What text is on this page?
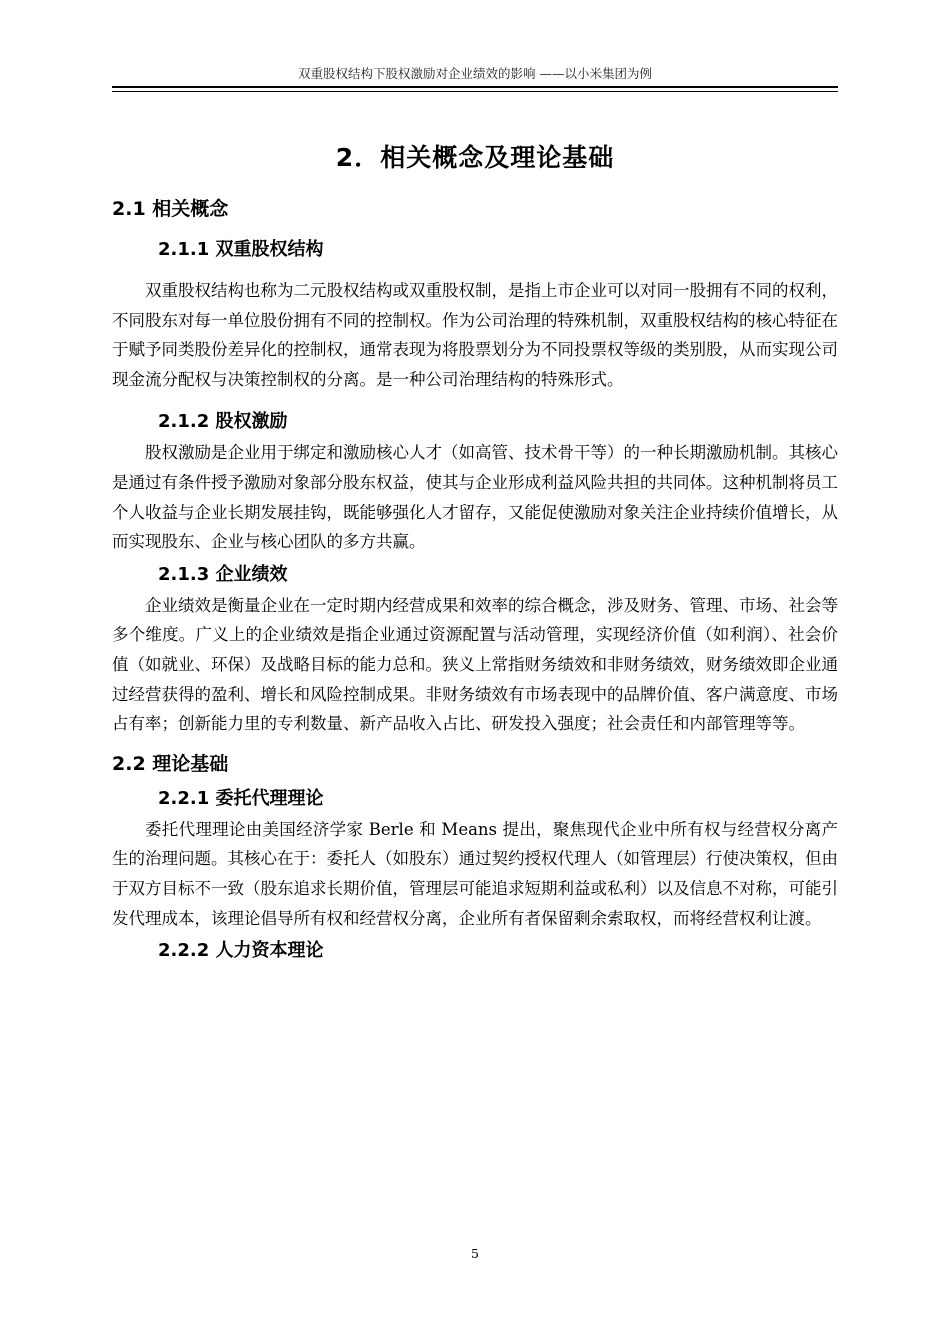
双重股权结构下股权激励对企业绩效的影响 ——以小米集团为例
2．相关概念及理论基础
2.1 相关概念
2.1.1 双重股权结构

双重股权结构也称为二元股权结构或双重股权制，是指上市企业可以对同一股拥有不同的权利，不同股东对每一单位股份拥有不同的控制权。作为公司治理的特殊机制，双重股权结构的核心特征在于赋予同类股份差异化的控制权，通常表现为将股票划分为不同投票权等级的类别股，从而实现公司现金流分配权与决策控制权的分离。是一种公司治理结构的特殊形式。

2.1.2 股权激励

股权激励是企业用于绑定和激励核心人才（如高管、技术骨干等）的一种长期激励机制。其核心是通过有条件授予激励对象部分股东权益，使其与企业形成利益风险共担的共同体。这种机制将员工个人收益与企业长期发展挂钩，既能够强化人才留存，又能促使激励对象关注企业持续价值增长，从而实现股东、企业与核心团队的多方共赢。

2.1.3 企业绩效

企业绩效是衡量企业在一定时期内经营成果和效率的综合概念，涉及财务、管理、市场、社会等多个维度。广义上的企业绩效是指企业通过资源配置与活动管理，实现经济价值（如利润）、社会价值（如就业、环保）及战略目标的能力总和。狭义上常指财务绩效和非财务绩效，财务绩效即企业通过经营获得的盈利、增长和风险控制成果。非财务绩效有市场表现中的品牌价值、客户满意度、市场占有率；创新能力里的专利数量、新产品收入占比、研发投入强度；社会责任和内部管理等等。

2.2 理论基础
2.2.1 委托代理理论

委托代理理论由美国经济学家 Berle 和 Means 提出，聚焦现代企业中所有权与经营权分离产生的治理问题。其核心在于：委托人（如股东）通过契约授权代理人（如管理层）行使决策权，但由于双方目标不一致（股东追求长期价值，管理层可能追求短期利益或私利）以及信息不对称，可能引发代理成本，该理论倡导所有权和经营权分离，企业所有者保留剩余索取权，而将经营权利让渡。

2.2.2 人力资本理论
5
